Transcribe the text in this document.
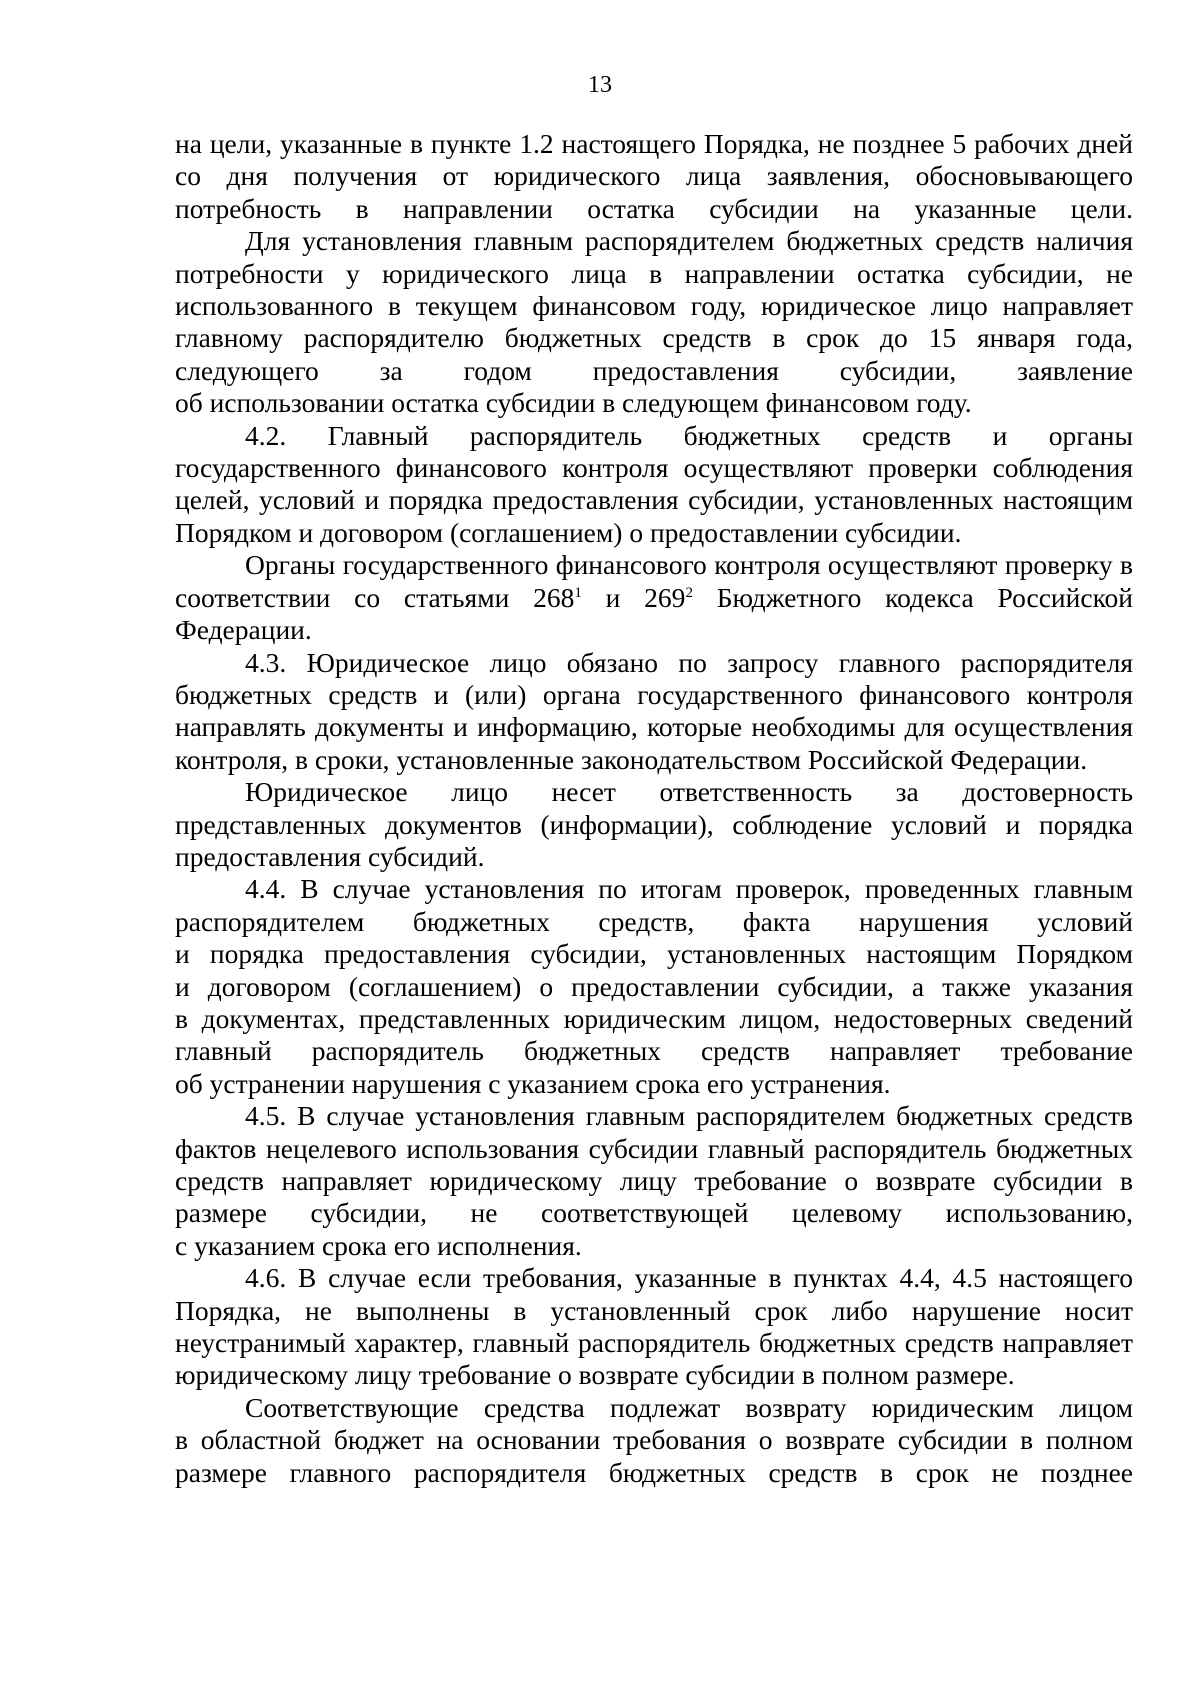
13

на цели, указанные в пункте 1.2 настоящего Порядка, не позднее 5 рабочих дней со дня получения от юридического лица заявления, обосновывающего потребность в направлении остатка субсидии на указанные цели.

Для установления главным распорядителем бюджетных средств наличия потребности у юридического лица в направлении остатка субсидии, не использованного в текущем финансовом году, юридическое лицо направляет главному распорядителю бюджетных средств в срок до 15 января года, следующего за годом предоставления субсидии, заявление

об использовании остатка субсидии в следующем финансовом году.

4.2. Главный распорядитель бюджетных средств и органы государственного финансового контроля осуществляют проверки соблюдения целей, условий и порядка предоставления субсидии, установленных настоящим Порядком и договором (соглашением) о предоставлении субсидии.

Органы государственного финансового контроля осуществляют проверку в соответствии со статьями $268^1$ и $269^2$ Бюджетного кодекса Российской Федерации.

4.3. Юридическое лицо обязано по запросу главного распорядителя бюджетных средств и (или) органа государственного финансового контроля направлять документы и информацию, которые необходимы для осуществления контроля, в сроки, установленные законодательством Российской Федерации.

Юридическое лицо несет ответственность за достоверность представленных документов (информации), соблюдение условий и порядка предоставления субсидий.

4.4. В случае установления по итогам проверок, проведенных главным распорядителем бюджетных средств, факта нарушения условий

и порядка предоставления субсидии, установленных настоящим Порядком

и договором (соглашением) о предоставлении субсидии, а также указания

в документах, представленных юридическим лицом, недостоверных сведений главный распорядитель бюджетных средств направляет требование

об устранении нарушения с указанием срока его устранения.

4.5. В случае установления главным распорядителем бюджетных средств фактов нецелевого использования субсидии главный распорядитель бюджетных средств направляет юридическому лицу требование о возврате субсидии в размере субсидии, не соответствующей целевому использованию,

с указанием срока его исполнения.

4.6. В случае если требования, указанные в пунктах 4.4, 4.5 настоящего Порядка, не выполнены в установленный срок либо нарушение носит неустранимый характер, главный распорядитель бюджетных средств направляет юридическому лицу требование о возврате субсидии в полном размере.

Соответствующие средства подлежат возврату юридическим лицом

в областной бюджет на основании требования о возврате субсидии в полном размере главного распорядителя бюджетных средств в срок не позднее
